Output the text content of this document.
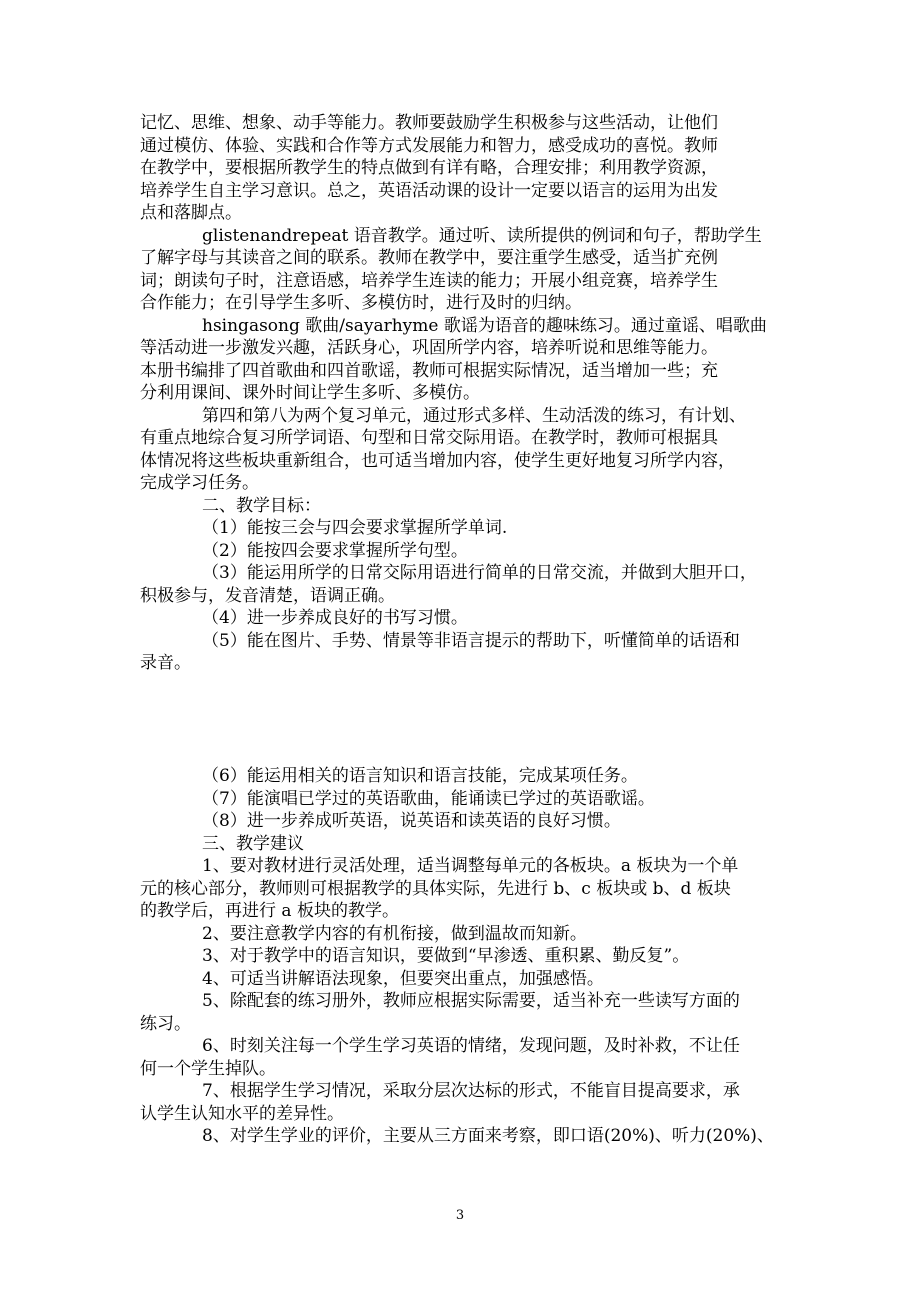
记忆、思维、想象、动手等能力。教师要鼓励学生积极参与这些活动，让他们
通过模仿、体验、实践和合作等方式发展能力和智力，感受成功的喜悦。教师
在教学中，要根据所教学生的特点做到有详有略，合理安排；利用教学资源，
培养学生自主学习意识。总之，英语活动课的设计一定要以语言的运用为出发
点和落脚点。
glistenandrepeat 语音教学。通过听、读所提供的例词和句子，帮助学生
了解字母与其读音之间的联系。教师在教学中，要注重学生感受，适当扩充例
词；朗读句子时，注意语感，培养学生连读的能力；开展小组竞赛，培养学生
合作能力；在引导学生多听、多模仿时，进行及时的归纳。
hsingasong 歌曲/sayarhyme 歌谣为语音的趣味练习。通过童谣、唱歌曲
等活动进一步激发兴趣，活跃身心，巩固所学内容，培养听说和思维等能力。
本册书编排了四首歌曲和四首歌谣，教师可根据实际情况，适当增加一些；充
分利用课间、课外时间让学生多听、多模仿。
第四和第八为两个复习单元，通过形式多样、生动活泼的练习，有计划、
有重点地综合复习所学词语、句型和日常交际用语。在教学时，教师可根据具
体情况将这些板块重新组合，也可适当增加内容，使学生更好地复习所学内容，
完成学习任务。
二、教学目标：
（1）能按三会与四会要求掌握所学单词.
（2）能按四会要求掌握所学句型。
（3）能运用所学的日常交际用语进行简单的日常交流，并做到大胆开口，
积极参与，发音清楚，语调正确。
（4）进一步养成良好的书写习惯。
（5）能在图片、手势、情景等非语言提示的帮助下，听懂简单的话语和
录音。
（6）能运用相关的语言知识和语言技能，完成某项任务。
（7）能演唱已学过的英语歌曲，能诵读已学过的英语歌谣。
（8）进一步养成听英语，说英语和读英语的良好习惯。
三、教学建议
1、要对教材进行灵活处理，适当调整每单元的各板块。a 板块为一个单
元的核心部分，教师则可根据教学的具体实际，先进行 b、c 板块或 b、d 板块
的教学后，再进行 a 板块的教学。
2、要注意教学内容的有机衔接，做到温故而知新。
3、对于教学中的语言知识，要做到“早渗透、重积累、勤反复”。
4、可适当讲解语法现象，但要突出重点，加强感悟。
5、除配套的练习册外，教师应根据实际需要，适当补充一些读写方面的
练习。
6、时刻关注每一个学生学习英语的情绪，发现问题，及时补救，不让任
何一个学生掉队。
7、根据学生学习情况，采取分层次达标的形式，不能盲目提高要求，承
认学生认知水平的差异性。
8、对学生学业的评价，主要从三方面来考察，即口语(20%)、听力(20%)、
3
